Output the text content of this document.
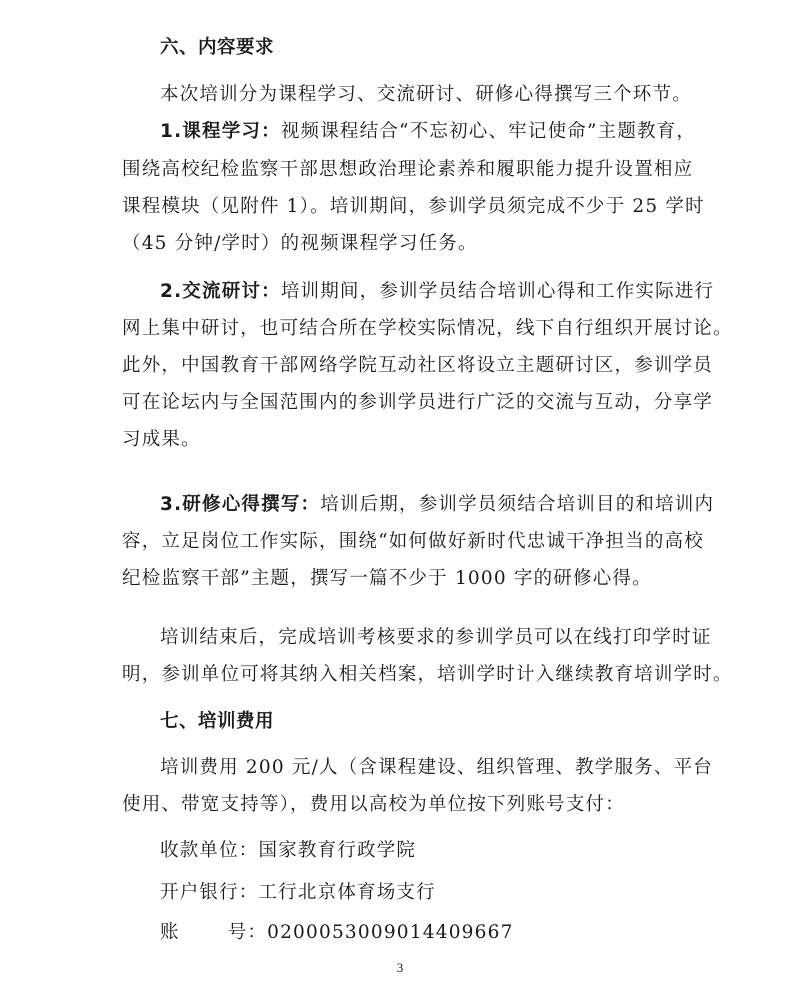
六、内容要求
本次培训分为课程学习、交流研讨、研修心得撰写三个环节。
1.课程学习：视频课程结合“不忘初心、牢记使命”主题教育，
围绕高校纪检监察干部思想政治理论素养和履职能力提升设置相应
课程模块（见附件 1）。培训期间，参训学员须完成不少于 25 学时
（45 分钟/学时）的视频课程学习任务。
2.交流研讨：培训期间，参训学员结合培训心得和工作实际进行
网上集中研讨，也可结合所在学校实际情况，线下自行组织开展讨论。
此外，中国教育干部网络学院互动社区将设立主题研讨区，参训学员
可在论坛内与全国范围内的参训学员进行广泛的交流与互动，分享学
习成果。
3.研修心得撰写：培训后期，参训学员须结合培训目的和培训内
容，立足岗位工作实际，围绕“如何做好新时代忠诚干净担当的高校
纪检监察干部”主题，撰写一篇不少于 1000 字的研修心得。
培训结束后，完成培训考核要求的参训学员可以在线打印学时证
明，参训单位可将其纳入相关档案，培训学时计入继续教育培训学时。
七、培训费用
培训费用 200 元/人（含课程建设、组织管理、教学服务、平台
使用、带宽支持等），费用以高校为单位按下列账号支付：
收款单位：国家教育行政学院
开户银行：工行北京体育场支行
账	号：0200053009014409667
3
